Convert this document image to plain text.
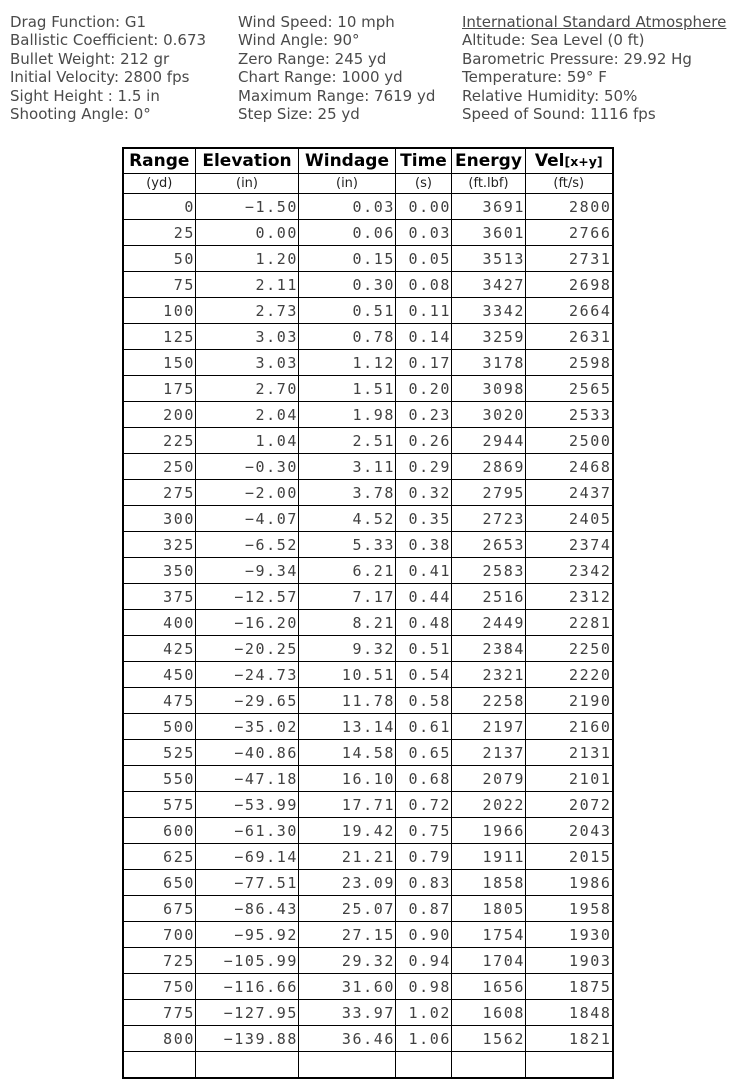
Drag Function: G1
Ballistic Coefficient: 0.673
Bullet Weight: 212 gr
Initial Velocity: 2800 fps
Sight Height : 1.5 in
Shooting Angle: 0°
Wind Speed: 10 mph
Wind Angle: 90°
Zero Range: 245 yd
Chart Range: 1000 yd
Maximum Range: 7619 yd
Step Size: 25 yd
International Standard Atmosphere
Altitude: Sea Level (0 ft)
Barometric Pressure: 29.92 Hg
Temperature: 59° F
Relative Humidity: 50%
Speed of Sound: 1116 fps
Range	Elevation	Windage	Time	Energy	Vel[x+y]
(yd)	(in)	(in)	(s)	(ft.lbf)	(ft/s)
0	−1.50	0.03	0.00	3691	2800
25	0.00	0.06	0.03	3601	2766
50	1.20	0.15	0.05	3513	2731
75	2.11	0.30	0.08	3427	2698
100	2.73	0.51	0.11	3342	2664
125	3.03	0.78	0.14	3259	2631
150	3.03	1.12	0.17	3178	2598
175	2.70	1.51	0.20	3098	2565
200	2.04	1.98	0.23	3020	2533
225	1.04	2.51	0.26	2944	2500
250	−0.30	3.11	0.29	2869	2468
275	−2.00	3.78	0.32	2795	2437
300	−4.07	4.52	0.35	2723	2405
325	−6.52	5.33	0.38	2653	2374
350	−9.34	6.21	0.41	2583	2342
375	−12.57	7.17	0.44	2516	2312
400	−16.20	8.21	0.48	2449	2281
425	−20.25	9.32	0.51	2384	2250
450	−24.73	10.51	0.54	2321	2220
475	−29.65	11.78	0.58	2258	2190
500	−35.02	13.14	0.61	2197	2160
525	−40.86	14.58	0.65	2137	2131
550	−47.18	16.10	0.68	2079	2101
575	−53.99	17.71	0.72	2022	2072
600	−61.30	19.42	0.75	1966	2043
625	−69.14	21.21	0.79	1911	2015
650	−77.51	23.09	0.83	1858	1986
675	−86.43	25.07	0.87	1805	1958
700	−95.92	27.15	0.90	1754	1930
725	−105.99	29.32	0.94	1704	1903
750	−116.66	31.60	0.98	1656	1875
775	−127.95	33.97	1.02	1608	1848
800	−139.88	36.46	1.06	1562	1821
